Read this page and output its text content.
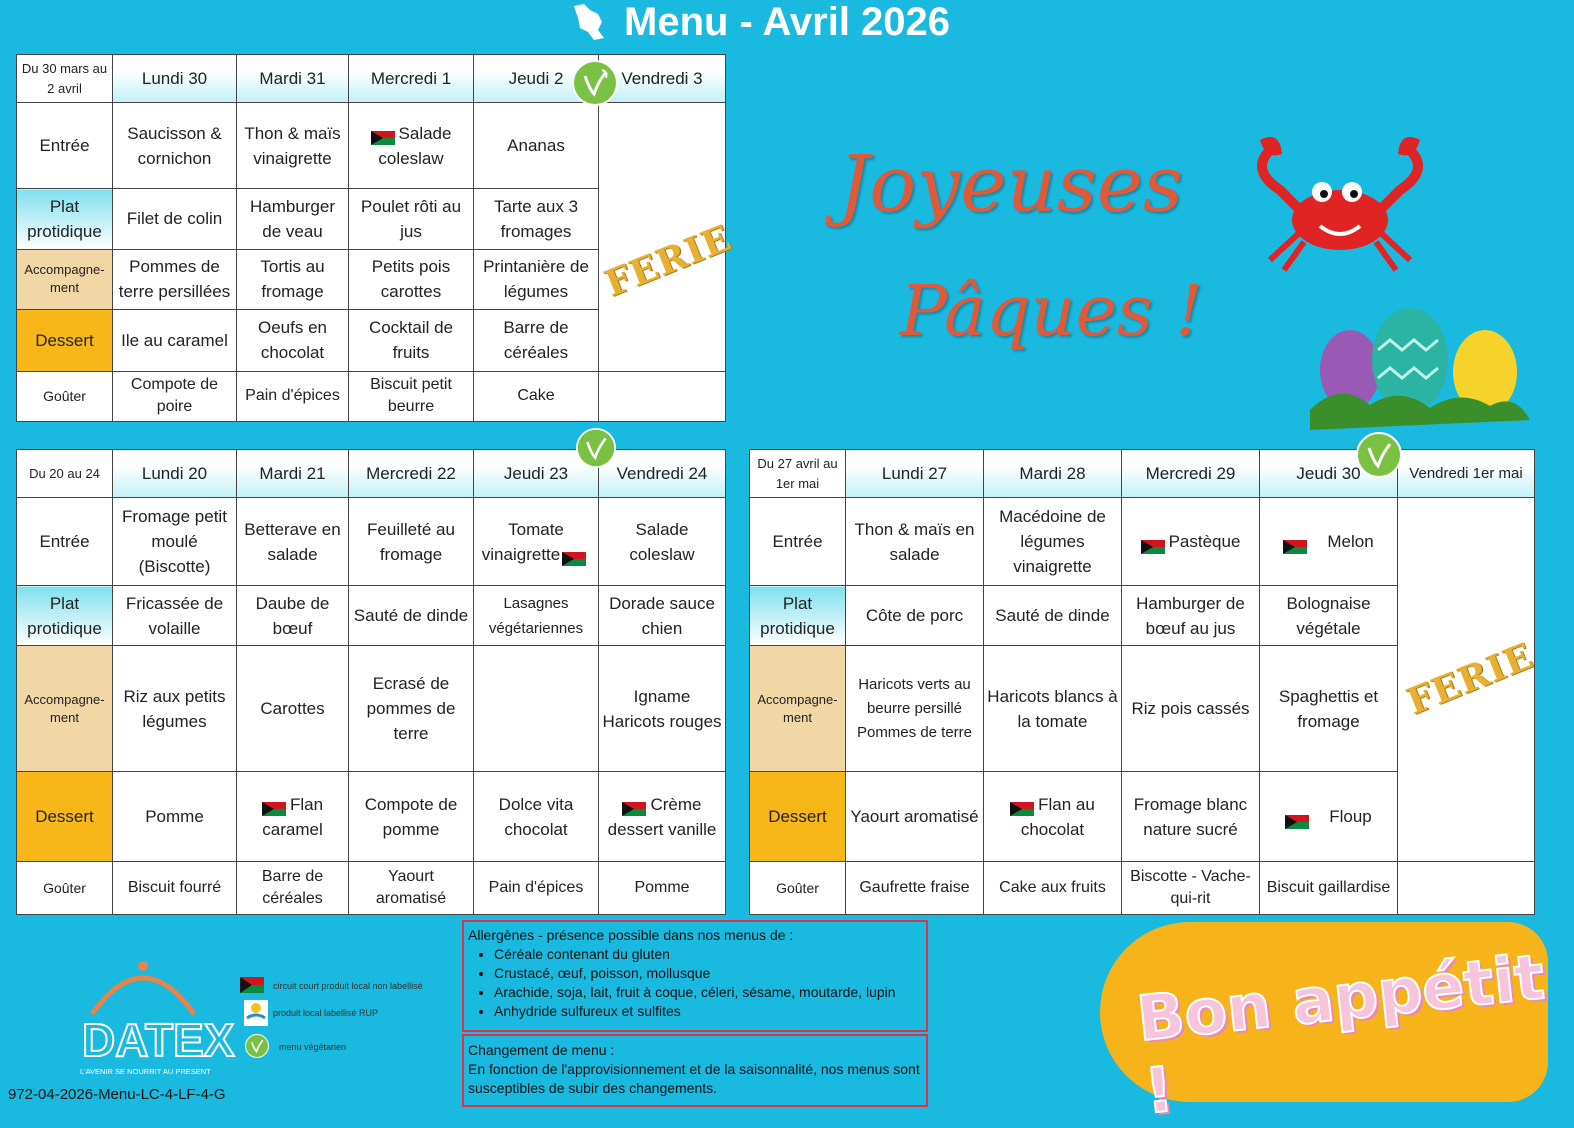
Menu - Avril 2026
Du 30 mars au 2 avril	Lundi 30	Mardi 31	Mercredi 1	Jeudi 2	Vendredi 3
Entrée	Saucisson & cornichon	Thon & maïs vinaigrette	Salade coleslaw	Ananas	
Plat protidique	Filet de colin	Hamburger de veau	Poulet rôti au jus	Tarte aux 3 fromages	
Accompagne-ment	Pommes de terre persillées	Tortis au fromage	Petits pois carottes	Printanière de légumes	
Dessert	Ile au caramel	Oeufs en chocolat	Cocktail de fruits	Barre de céréales	
Goûter	Compote de poire	Pain d'épices	Biscuit petit beurre	Cake	
FERIE
Du 20 au 24	Lundi 20	Mardi 21	Mercredi 22	Jeudi 23	Vendredi 24
Entrée	Fromage petit moulé (Biscotte)	Betterave en salade	Feuilleté au fromage	Tomate vinaigrette	Salade coleslaw
Plat protidique	Fricassée de volaille	Daube de bœuf	Sauté de dinde	Lasagnes végétariennes	Dorade sauce chien
Accompagne-ment	Riz aux petits légumes	Carottes	Ecrasé de pommes de terre		Igname Haricots rouges
Dessert	Pomme	Flan caramel	Compote de pomme	Dolce vita chocolat	Crème dessert vanille
Goûter	Biscuit fourré	Barre de céréales	Yaourt aromatisé	Pain d'épices	Pomme
Du 27 avril au 1er mai	Lundi 27	Mardi 28	Mercredi 29	Jeudi 30	Vendredi 1er mai
Entrée	Thon & maïs en salade	Macédoine de légumes vinaigrette	Pastèque	Melon	
Plat protidique	Côte de porc	Sauté de dinde	Hamburger de bœuf au jus	Bolognaise végétale	
Accompagne-ment	Haricots verts au beurre persillé Pommes de terre	Haricots blancs à la tomate	Riz pois cassés	Spaghettis et fromage	
Dessert	Yaourt aromatisé	Flan au chocolat	Fromage blanc nature sucré	Floup	
Goûter	Gaufrette fraise	Cake aux fruits	Biscotte - Vache-qui-rit	Biscuit gaillardise	
FERIE
Joyeuses
Pâques !
circuit court produit local non labellisé
produit local labellisé RUP
menu végétarien
DATEX
L'AVENIR SE NOURRIT AU PRESENT
Allergènes - présence possible dans nos menus de :
• Céréale contenant du gluten
• Crustacé, œuf, poisson, mollusque
• Arachide, soja, lait, fruit à coque, céleri, sésame, moutarde, lupin
• Anhydride sulfureux et sulfites
Changement de menu :
En fonction de l'approvisionnement et de la saisonnalité, nos menus sont susceptibles de subir des changements.
Bon appétit !
972-04-2026-Menu-LC-4-LF-4-G
